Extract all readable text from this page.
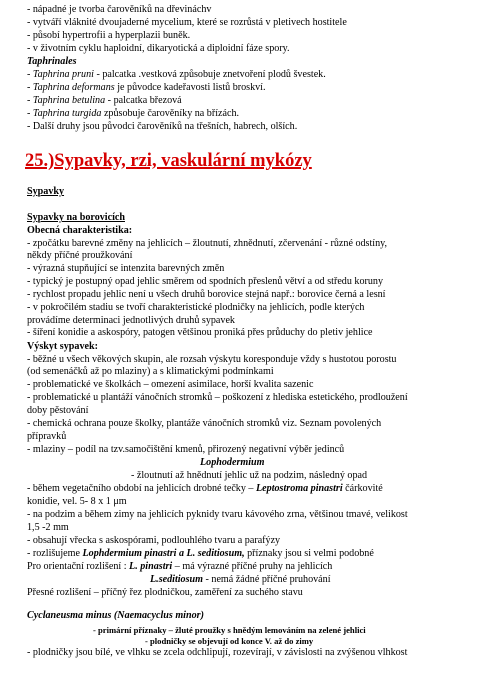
- nápadné je tvorba čarověníků na dřevináchv
- vytváří vláknité dvoujaderné mycelium, které se rozrůstá v pletivech hostitele
- působí hypertrofii a hyperplazii buněk.
- v životním cyklu haploidní, dikaryotická a diploidní fáze spory.
Taphrinales
- Taphrina pruni - palcatka .vestková způsobuje znetvoření plodů švestek.
- Taphrina deformans je původce kadeřavosti listů broskví.
- Taphrina betulina - palcatka březová
- Taphrina turgida způsobuje čarověníky na břízách.
- Další druhy jsou původci čarověníků na třešních, habrech, olších.
25.)Sypavky, rzi, vaskulární mykózy
Sypavky
Sypavky na borovicích
Obecná charakteristika:
- zpočátku barevné změny na jehlicích – žloutnutí, zhnědnutí, zčervenání - různé odstíny,
někdy příčné proužkování
- výrazná stupňující se intenzita barevných změn
- typický je postupný opad jehlic směrem od spodních přeslenů větví a od středu koruny
- rychlost propadu jehlic není u všech druhů borovice stejná např.: borovice černá a lesní
- v pokročilém stadiu se tvoří charakteristické plodničky na jehlicích, podle kterých
provádíme determinaci jednotlivých druhů sypavek
- šíření konidie a askospóry, patogen většinou proniká přes průduchy do pletiv jehlice
Výskyt sypavek:
- běžné u všech věkových skupin, ale rozsah výskytu koresponduje vždy s hustotou porostu
(od semenáčků až po mlaziny) a s klimatickými podmínkami
- problematické ve školkách – omezení asimilace, horší kvalita sazenic
- problematické u plantáží vánočních stromků – poškození z hlediska estetického, prodloužení
doby pěstování
- chemická ochrana pouze školky, plantáže vánočních stromků viz. Seznam povolených
přípravků
- mlaziny – podíl na tzv.samočištění kmenů, přirozený negativní výběr jedinců
Lophodermium
- žloutnutí až hnědnutí jehlic už na podzim, následný opad
- během vegetačního období na jehlicích drobné tečky – Leptostroma pinastri čárkovité
konidie, vel. 5- 8 x 1 μm
- na podzim a během zimy na jehlicích pyknidy tvaru kávového zrna, většinou tmavé, velikost
1,5 -2 mm
- obsahují vřecka s askospórami, podlouhlého tvaru a parafýzy
- rozlišujeme Lophdermium pinastri a L. seditiosum, příznaky jsou si velmi podobné
Pro orientační rozlišení : L. pinastri – má výrazné příčné pruhy na jehlicích
L.seditiosum - nemá žádné příčné pruhování
Přesné rozlišení – příčný řez plodničkou, zaměření za suchého stavu
Cyclaneusma minus (Naemacyclus minor)
- primární příznaky – žluté proužky s hnědým lemováním na zelené jehlici
- plodničky se objevují od konce V. až do zimy
- plodničky jsou bílé, ve vlhku se zcela odchlipují, rozevírají, v závislosti na zvýšenou vlhkost
